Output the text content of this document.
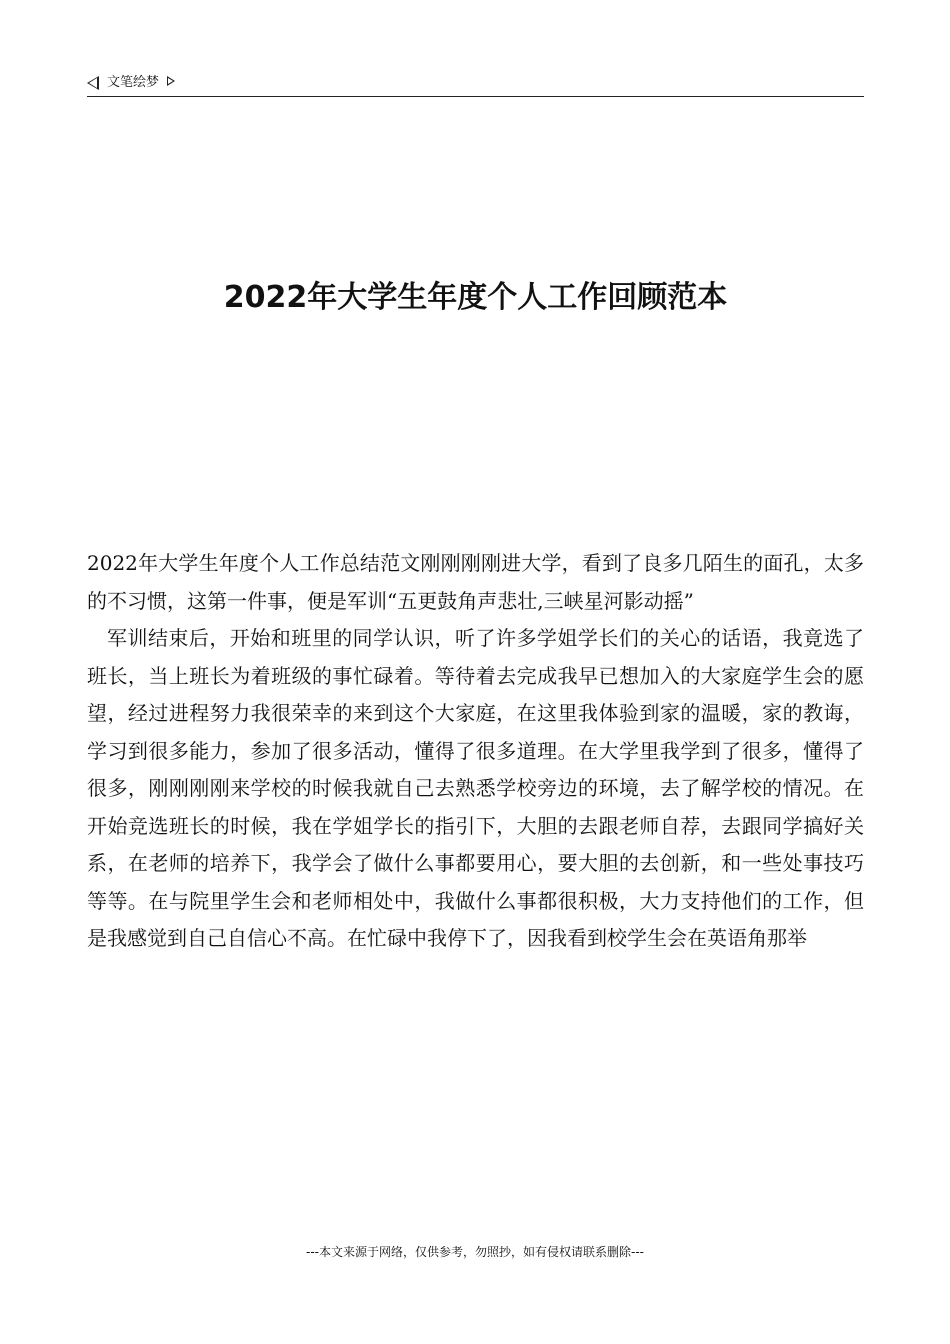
文笔绘梦
2022年大学生年度个人工作回顾范本

2022年大学生年度个人工作总结范文刚刚刚刚进大学，看到了良多几陌生的面孔，太多的不习惯，这第一件事，便是军训“五更鼓角声悲壮,三峡星河影动摇”

军训结束后，开始和班里的同学认识，听了许多学姐学长们的关心的话语，我竟选了班长，当上班长为着班级的事忙碌着。等待着去完成我早已想加入的大家庭学生会的愿望，经过进程努力我很荣幸的来到这个大家庭，在这里我体验到家的温暖，家的教诲，学习到很多能力，参加了很多活动，懂得了很多道理。在大学里我学到了很多，懂得了很多，刚刚刚刚来学校的时候我就自己去熟悉学校旁边的环境，去了解学校的情况。在开始竞选班长的时候，我在学姐学长的指引下，大胆的去跟老师自荐，去跟同学搞好关系，在老师的培养下，我学会了做什么事都要用心，要大胆的去创新，和一些处事技巧等等。在与院里学生会和老师相处中，我做什么事都很积极，大力支持他们的工作，但是我感觉到自己自信心不高。在忙碌中我停下了，因我看到校学生会在英语角那举

---本文来源于网络，仅供参考，勿照抄，如有侵权请联系删除---
